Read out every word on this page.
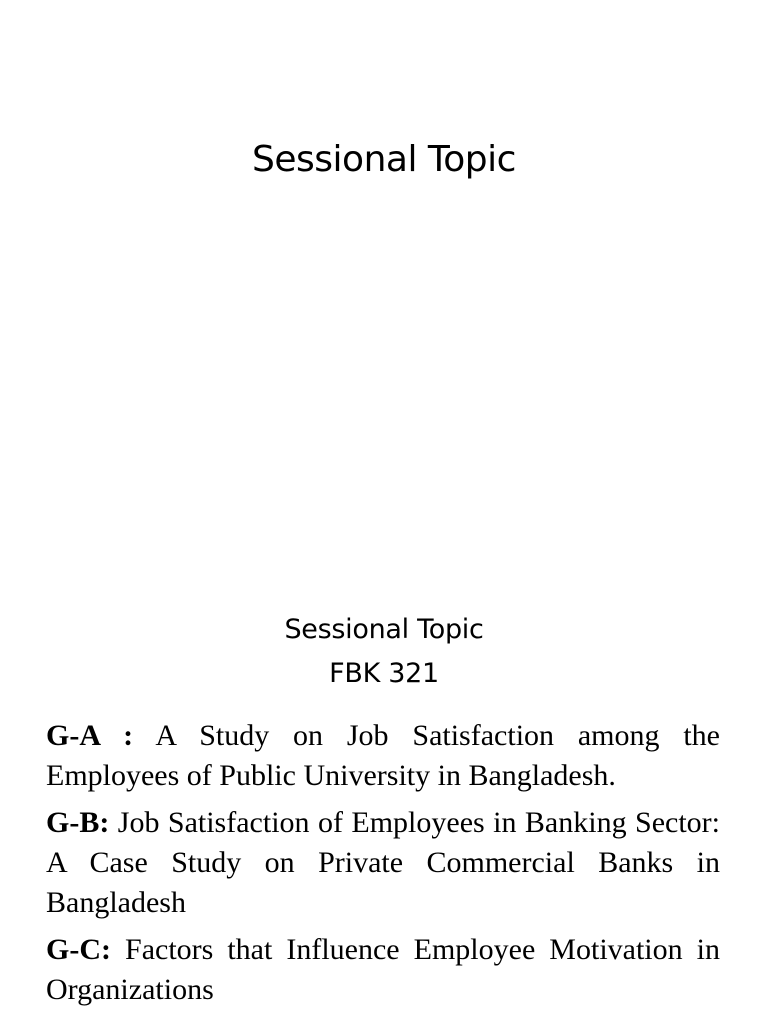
Sessional Topic
Sessional Topic
FBK 321
G-A : A Study on Job Satisfaction among the Employees of Public University in Bangladesh.
G-B: Job Satisfaction of Employees in Banking Sector: A Case Study on Private Commercial Banks in Bangladesh
G-C: Factors that Influence Employee Motivation in Organizations
